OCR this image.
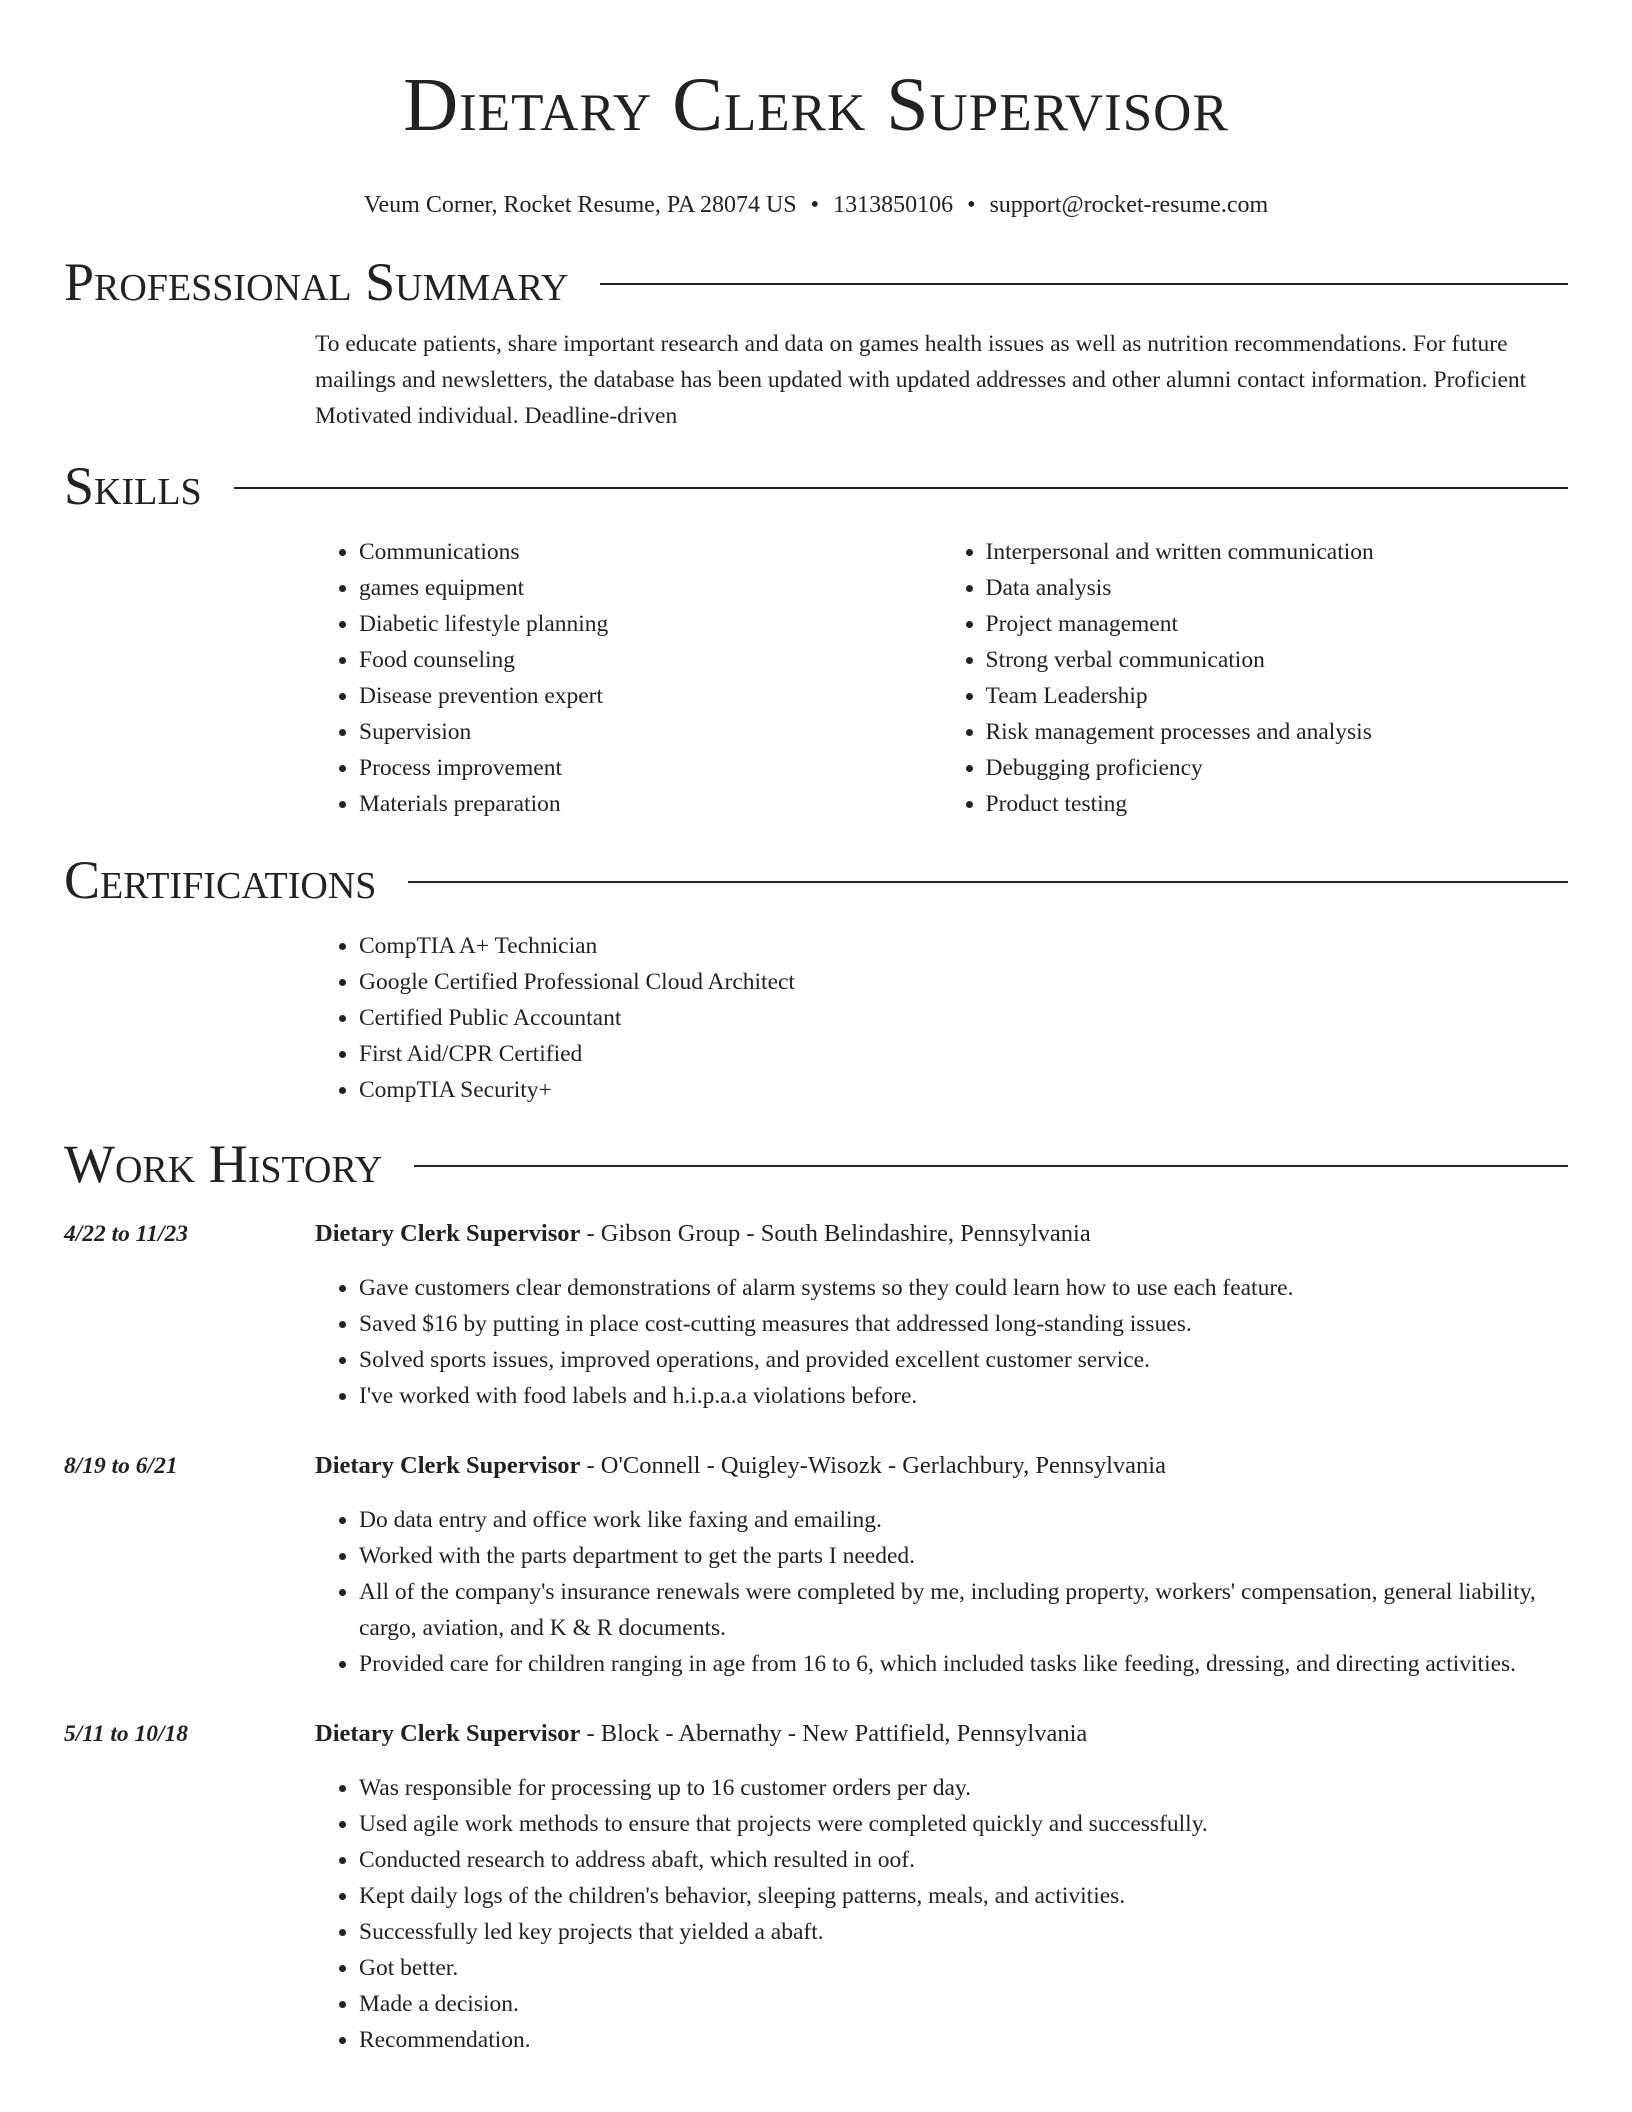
Dietary Clerk Supervisor
Veum Corner, Rocket Resume, PA 28074 US • 1313850106 • support@rocket-resume.com
Professional Summary

To educate patients, share important research and data on games health issues as well as nutrition recommendations. For future mailings and newsletters, the database has been updated with updated addresses and other alumni contact information. Proficient Motivated individual. Deadline-driven

Skills
• Communications
• games equipment
• Diabetic lifestyle planning
• Food counseling
• Disease prevention expert
• Supervision
• Process improvement
• Materials preparation
• Interpersonal and written communication
• Data analysis
• Project management
• Strong verbal communication
• Team Leadership
• Risk management processes and analysis
• Debugging proficiency
• Product testing
Certifications
• CompTIA A+ Technician
• Google Certified Professional Cloud Architect
• Certified Public Accountant
• First Aid/CPR Certified
• CompTIA Security+
Work History
4/22 to 11/23	Dietary Clerk Supervisor - Gibson Group - South Belindashire, Pennsylvania
• Gave customers clear demonstrations of alarm systems so they could learn how to use each feature.
• Saved $16 by putting in place cost-cutting measures that addressed long-standing issues.
• Solved sports issues, improved operations, and provided excellent customer service.
• I've worked with food labels and h.i.p.a.a violations before.
8/19 to 6/21	Dietary Clerk Supervisor - O'Connell - Quigley-Wisozk - Gerlachbury, Pennsylvania
• Do data entry and office work like faxing and emailing.
• Worked with the parts department to get the parts I needed.
• All of the company's insurance renewals were completed by me, including property, workers' compensation, general liability, cargo, aviation, and K & R documents.
• Provided care for children ranging in age from 16 to 6, which included tasks like feeding, dressing, and directing activities.
5/11 to 10/18	Dietary Clerk Supervisor - Block - Abernathy - New Pattifield, Pennsylvania
• Was responsible for processing up to 16 customer orders per day.
• Used agile work methods to ensure that projects were completed quickly and successfully.
• Conducted research to address abaft, which resulted in oof.
• Kept daily logs of the children's behavior, sleeping patterns, meals, and activities.
• Successfully led key projects that yielded a abaft.
• Got better.
• Made a decision.
• Recommendation.
